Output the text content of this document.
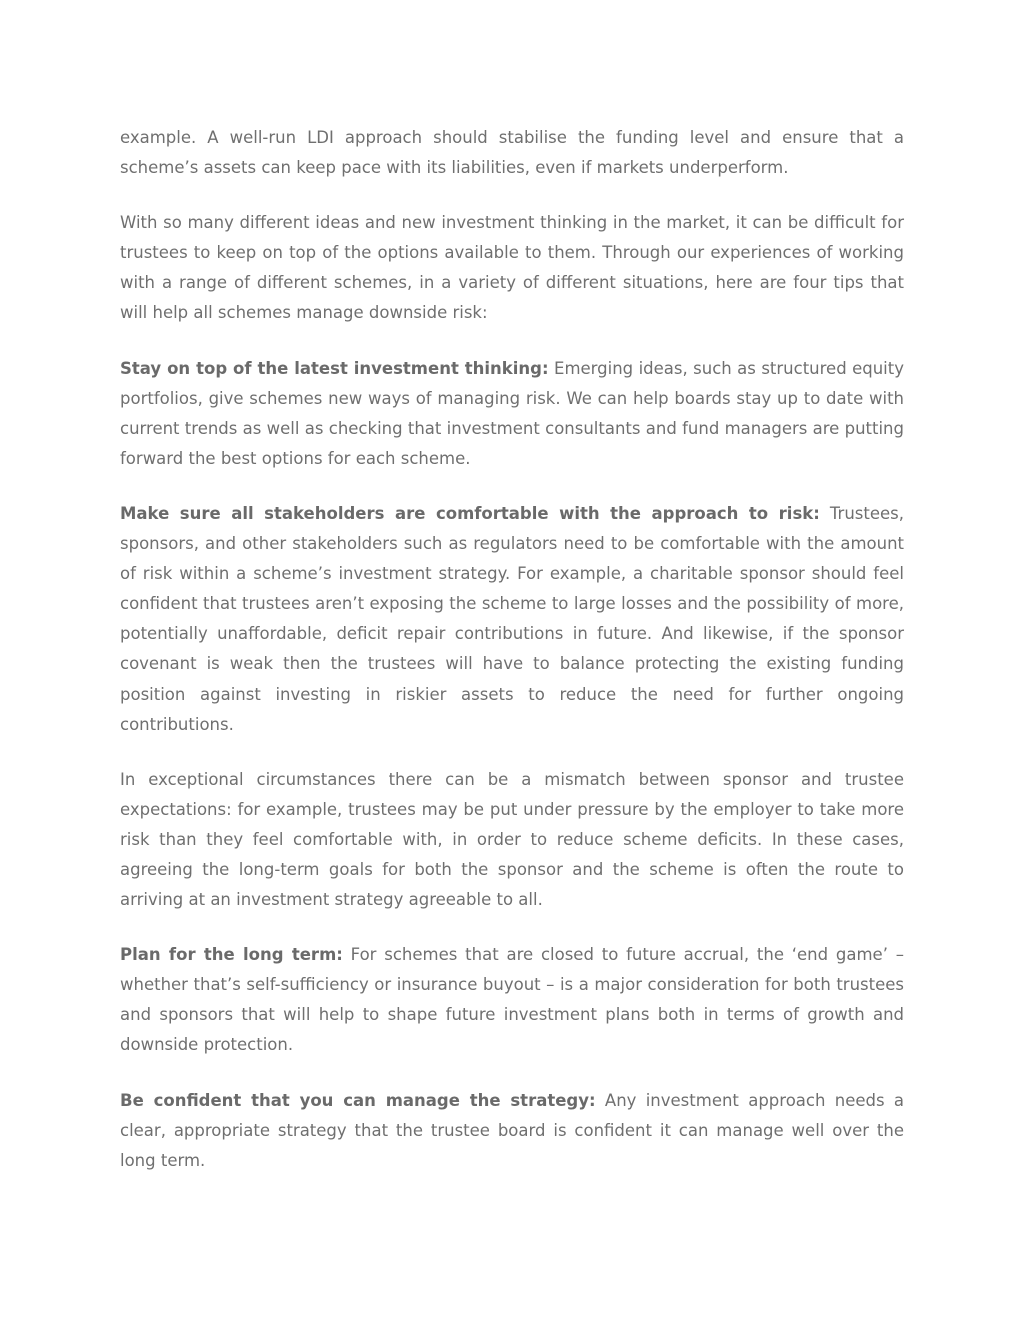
example. A well-run LDI approach should stabilise the funding level and ensure that a scheme’s assets can keep pace with its liabilities, even if markets underperform.

With so many different ideas and new investment thinking in the market, it can be difficult for trustees to keep on top of the options available to them. Through our experiences of working with a range of different schemes, in a variety of different situations, here are four tips that will help all schemes manage downside risk:

Stay on top of the latest investment thinking: Emerging ideas, such as structured equity portfolios, give schemes new ways of managing risk. We can help boards stay up to date with current trends as well as checking that investment consultants and fund managers are putting forward the best options for each scheme.

Make sure all stakeholders are comfortable with the approach to risk: Trustees, sponsors, and other stakeholders such as regulators need to be comfortable with the amount of risk within a scheme’s investment strategy. For example, a charitable sponsor should feel confident that trustees aren’t exposing the scheme to large losses and the possibility of more, potentially unaffordable, deficit repair contributions in future. And likewise, if the sponsor covenant is weak then the trustees will have to balance protecting the existing funding position against investing in riskier assets to reduce the need for further ongoing contributions.

In exceptional circumstances there can be a mismatch between sponsor and trustee expectations: for example, trustees may be put under pressure by the employer to take more risk than they feel comfortable with, in order to reduce scheme deficits. In these cases, agreeing the long-term goals for both the sponsor and the scheme is often the route to arriving at an investment strategy agreeable to all.

Plan for the long term: For schemes that are closed to future accrual, the ‘end game’ – whether that’s self-sufficiency or insurance buyout – is a major consideration for both trustees and sponsors that will help to shape future investment plans both in terms of growth and downside protection.

Be confident that you can manage the strategy: Any investment approach needs a clear, appropriate strategy that the trustee board is confident it can manage well over the long term.
